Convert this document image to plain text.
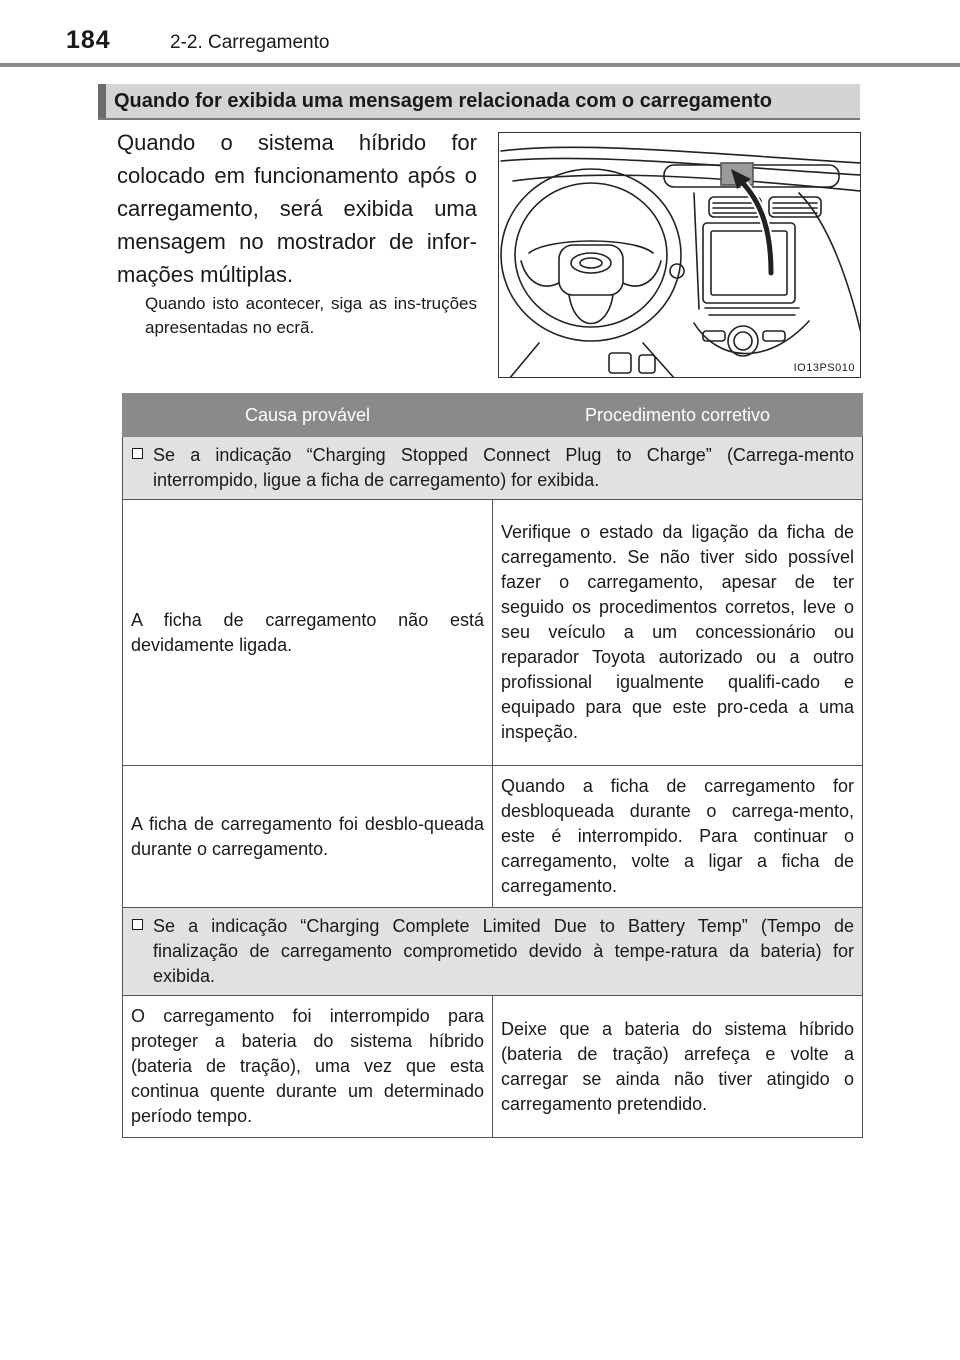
184	2-2. Carregamento
Quando for exibida uma mensagem relacionada com o carregamento
Quando o sistema híbrido for colocado em funcionamento após o carregamento, será exibida uma mensagem no mostrador de infor-mações múltiplas.
Quando isto acontecer, siga as ins-truções apresentadas no ecrã.
IO13PS010
Causa provável	Procedimento corretivo

Se a indicação “Charging Stopped Connect Plug to Charge” (Carrega-mento interrompido, ligue a ficha de carregamento) for exibida.	
A ficha de carregamento não está devidamente ligada.	Verifique o estado da ligação da ficha de carregamento. Se não tiver sido possível fazer o carregamento, apesar de ter seguido os procedimentos corretos, leve o seu veículo a um concessionário ou reparador Toyota autorizado ou a outro profissional igualmente qualifi-cado e equipado para que este pro-ceda a uma inspeção.
A ficha de carregamento foi desblo-queada durante o carregamento.	Quando a ficha de carregamento for desbloqueada durante o carrega-mento, este é interrompido. Para continuar o carregamento, volte a ligar a ficha de carregamento.

Se a indicação “Charging Complete Limited Due to Battery Temp” (Tempo de finalização de carregamento comprometido devido à tempe-ratura da bateria) for exibida.	
O carregamento foi interrompido para proteger a bateria do sistema híbrido (bateria de tração), uma vez que esta continua quente durante um determinado período tempo.	Deixe que a bateria do sistema híbrido (bateria de tração) arrefeça e volte a carregar se ainda não tiver atingido o carregamento pretendido.
